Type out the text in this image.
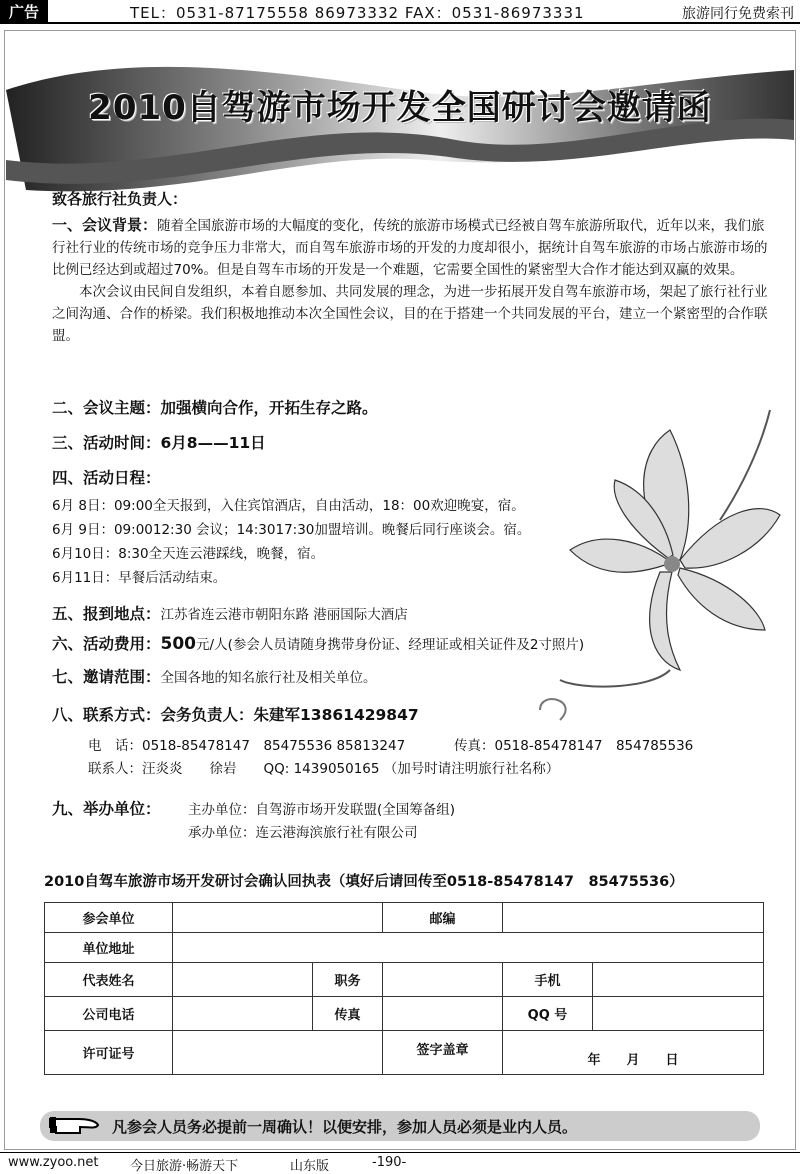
广告	TEL：0531-87175558 86973332 FAX：0531-86973331	旅游同行免费索刊
2010自驾游市场开发全国研讨会邀请函
致各旅行社负责人：
一、会议背景：随着全国旅游市场的大幅度的变化，传统的旅游市场模式已经被自驾车旅游所取代，近年以来，我们旅行社行业的传统市场的竞争压力非常大，而自驾车旅游市场的开发的力度却很小，据统计自驾车旅游的市场占旅游市场的比例已经达到或超过70%。但是自驾车市场的开发是一个难题，它需要全国性的紧密型大合作才能达到双赢的效果。
本次会议由民间自发组织，本着自愿参加、共同发展的理念，为进一步拓展开发自驾车旅游市场，架起了旅行社行业之间沟通、合作的桥梁。我们积极地推动本次全国性会议，目的在于搭建一个共同发展的平台，建立一个紧密型的合作联盟。
二、会议主题：加强横向合作，开拓生存之路。
三、活动时间：6月8——11日
四、活动日程：
6月 8日：09:00全天报到，入住宾馆酒店，自由活动，18：00欢迎晚宴，宿。
6月 9日：09:0012:30 会议；14:3017:30加盟培训。晚餐后同行座谈会。宿。
6月10日：8:30全天连云港踩线，晚餐，宿。
6月11日：早餐后活动结束。
五、报到地点：江苏省连云港市朝阳东路 港丽国际大酒店
六、活动费用：500元/人(参会人员请随身携带身份证、经理证或相关证件及2寸照片)
七、邀请范围：全国各地的知名旅行社及相关单位。
八、联系方式：会务负责人：朱建军13861429847
电　话：0518-85478147　85475536 85813247	传真：0518-85478147　854785536
联系人：汪炎炎　　徐岩　　QQ: 1439050165 （加号时请注明旅行社名称）
九、举办单位： 主办单位：自驾游市场开发联盟(全国筹备组)
承办单位：连云港海滨旅行社有限公司
2010自驾车旅游市场开发研讨会确认回执表（填好后请回传至0518-85478147　85475536）
参会单位			邮编		
单位地址					
代表姓名		职务		手机	
公司电话		传真		QQ 号	
许可证号			签字盖章	年　　月　　日	
凡参会人员务必提前一周确认！以便安排，参加人员必须是业内人员。
www.zyoo.net 今日旅游·畅游天下	山东版	-190-
